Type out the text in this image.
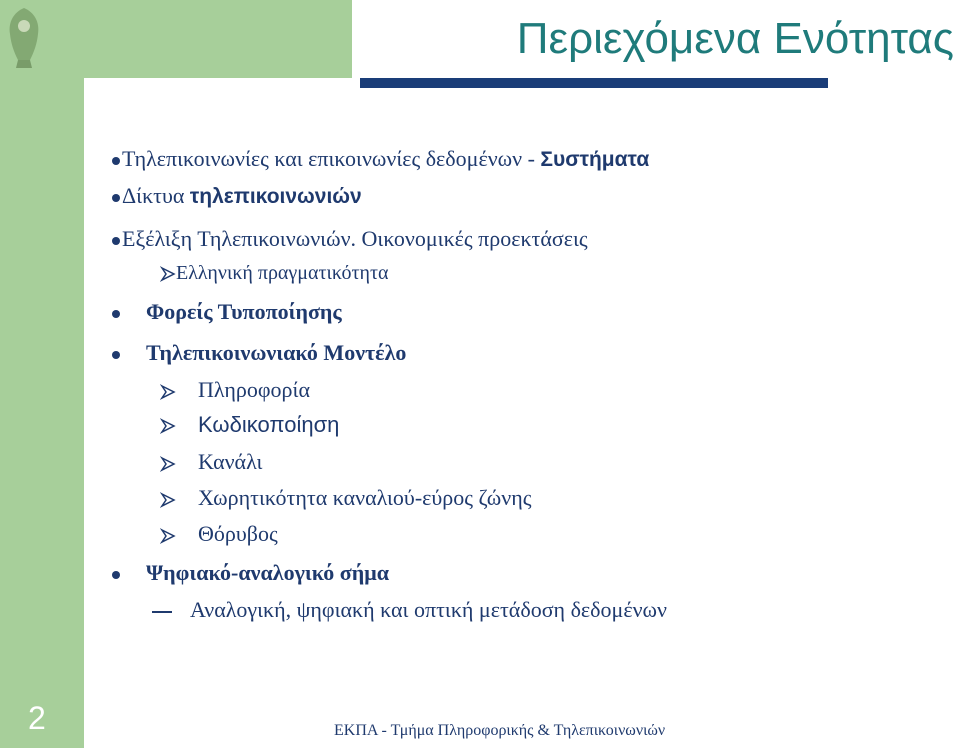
Περιεχόμενα Ενότητας
Τηλεπικοινωνίες και επικοινωνίες δεδομένων - Συστήματα
Δίκτυα τηλεπικοινωνιών
Εξέλιξη Τηλεπικοινωνιών. Οικονομικές προεκτάσεις
Ελληνική πραγματικότητα
Φορείς Τυποποίησης
Τηλεπικοινωνιακό Μοντέλο
Πληροφορία
Κωδικοποίηση
Κανάλι
Χωρητικότητα καναλιού-εύρος ζώνης
Θόρυβος
Ψηφιακό-αναλογικό σήμα
Αναλογική, ψηφιακή και οπτική μετάδοση δεδομένων
2	ΕΚΠΑ - Τμήμα Πληροφορικής & Τηλεπικοινωνιών
